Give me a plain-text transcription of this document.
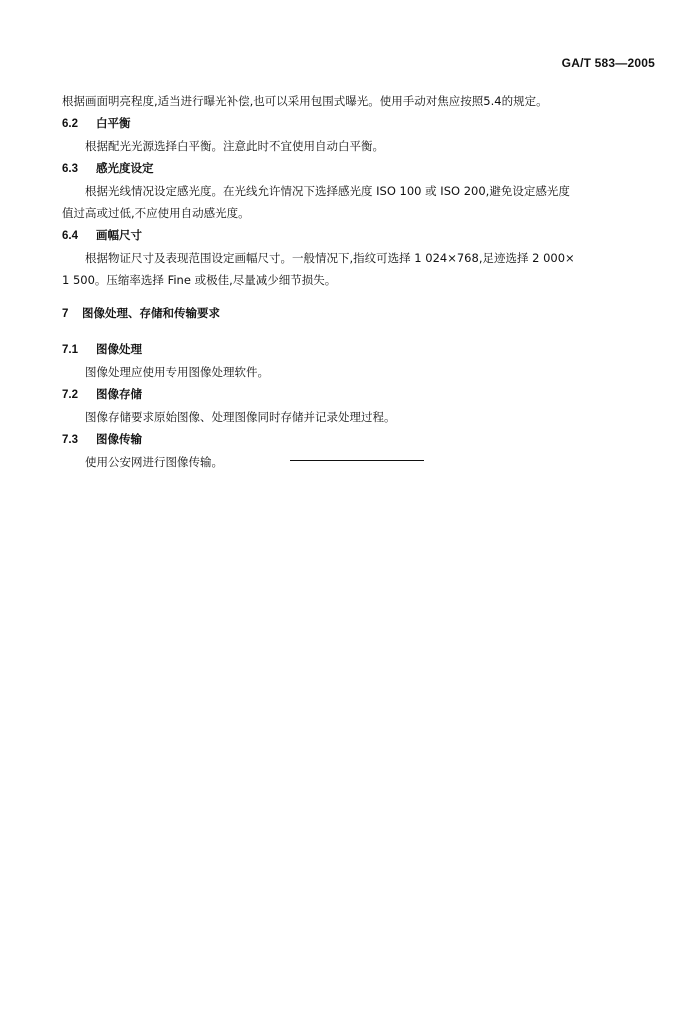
GA/T 583—2005

根据画面明亮程度,适当进行曝光补偿,也可以采用包围式曝光。使用手动对焦应按照5.4的规定。

6.2 白平衡

根据配光光源选择白平衡。注意此时不宜使用自动白平衡。

6.3 感光度设定

根据光线情况设定感光度。在光线允许情况下选择感光度 ISO 100 或 ISO 200,避免设定感光度

值过高或过低,不应使用自动感光度。

6.4 画幅尺寸

根据物证尺寸及表现范围设定画幅尺寸。一般情况下,指纹可选择 1 024×768,足迹选择 2 000×

1 500。压缩率选择 Fine 或极佳,尽量减少细节损失。

7 图像处理、存储和传输要求
7.1 图像处理

图像处理应使用专用图像处理软件。

7.2 图像存储

图像存储要求原始图像、处理图像同时存储并记录处理过程。

7.3 图像传输

使用公安网进行图像传输。
